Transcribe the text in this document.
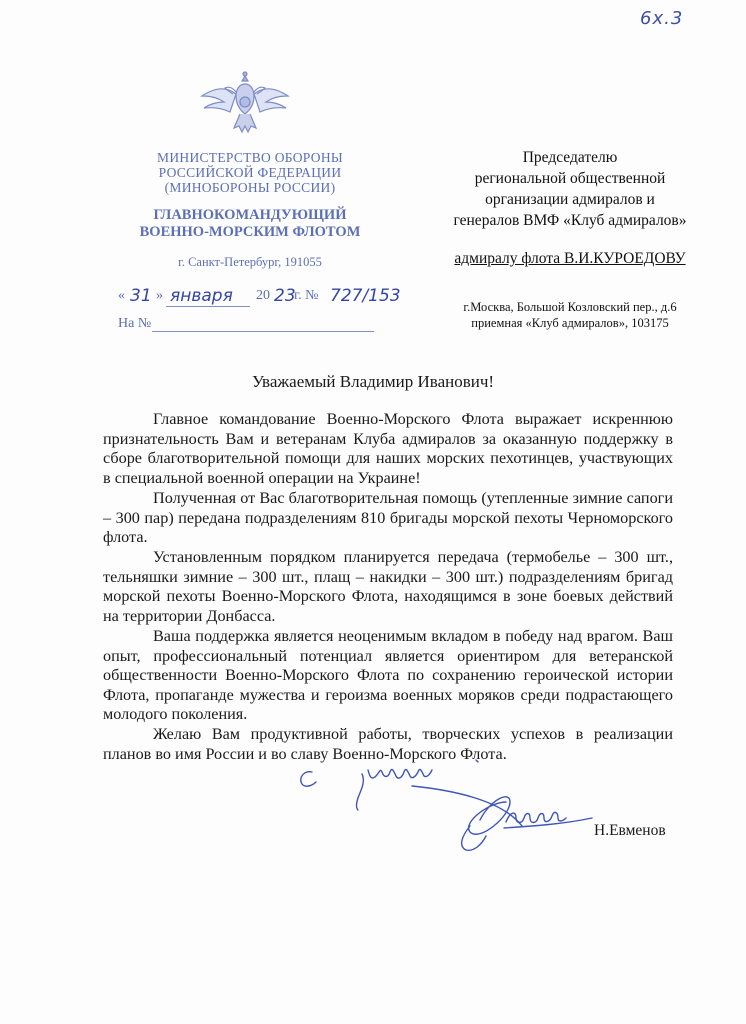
6х.3
МИНИСТЕРСТВО ОБОРОНЫ
РОССИЙСКОЙ ФЕДЕРАЦИИ
(МИНОБОРОНЫ РОССИИ)
ГЛАВНОКОМАНДУЮЩИЙ
ВОЕННО-МОРСКИМ ФЛОТОМ
г. Санкт-Петербург, 191055
« 31 » января 20 23
г. № 727/153
На №
Председателю
региональной общественной
организации адмиралов и
генералов ВМФ «Клуб адмиралов»
адмиралу флота В.И.КУРОЕДОВУ
г.Москва, Большой Козловский пер., д.6
приемная «Клуб адмиралов», 103175
Уважаемый Владимир Иванович!

Главное командование Военно-Морского Флота выражает искреннюю признательность Вам и ветеранам Клуба адмиралов за оказанную поддержку в сборе благотворительной помощи для наших морских пехотинцев, участвующих в специальной военной операции на Украине!

Полученная от Вас благотворительная помощь (утепленные зимние сапоги – 300 пар) передана подразделениям 810 бригады морской пехоты Черноморского флота.

Установленным порядком планируется передача (термобелье – 300 шт., тельняшки зимние – 300 шт., плащ – накидки – 300 шт.) подразделениям бригад морской пехоты Военно-Морского Флота, находящимся в зоне боевых действий на территории Донбасса.

Ваша поддержка является неоценимым вкладом в победу над врагом. Ваш опыт, профессиональный потенциал является ориентиром для ветеранской общественности Военно-Морского Флота по сохранению героической истории Флота, пропаганде мужества и героизма военных моряков среди подрастающего молодого поколения.

Желаю Вам продуктивной работы, творческих успехов в реализации планов во имя России и во славу Военно-Морского Флота.

Н.Евменов
